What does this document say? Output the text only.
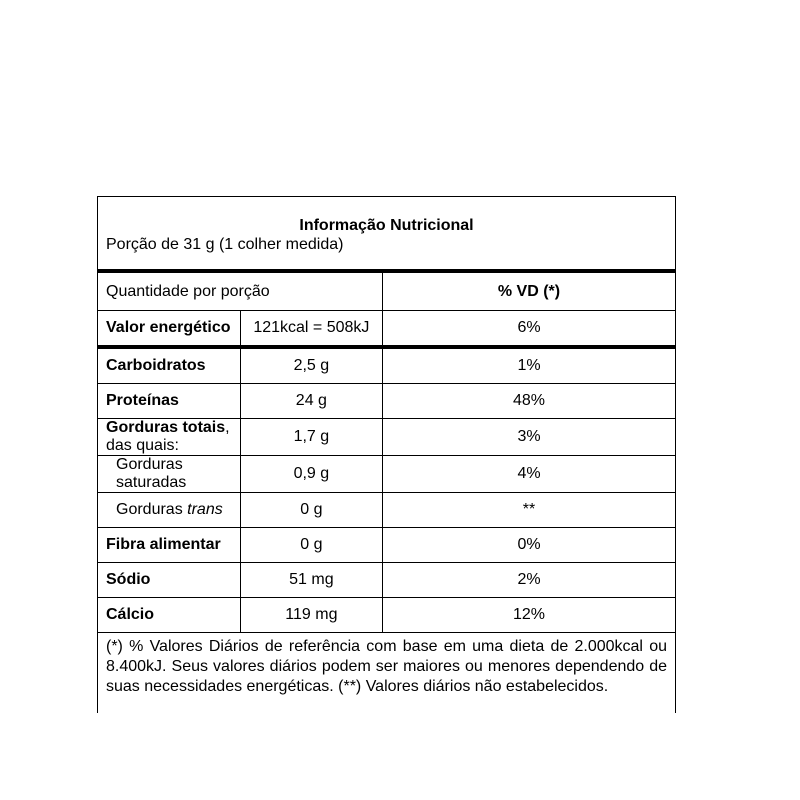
Informação Nutricional
Porção de 31 g (1 colher medida)
Quantidade por porção		% VD (*)
Valor energético	121kcal = 508kJ	6%
Carboidratos	2,5 g	1%
Proteínas	24 g	48%
Gorduras totais, das quais:	1,7 g	3%
Gorduras saturadas	0,9 g	4%
Gorduras trans	0 g	**
Fibra alimentar	0 g	0%
Sódio	51 mg	2%
Cálcio	119 mg	12%
(*) % Valores Diários de referência com base em uma dieta de 2.000kcal ou 8.400kJ. Seus valores diários podem ser maiores ou menores dependendo de suas necessidades energéticas. (**) Valores diários não estabelecidos.
